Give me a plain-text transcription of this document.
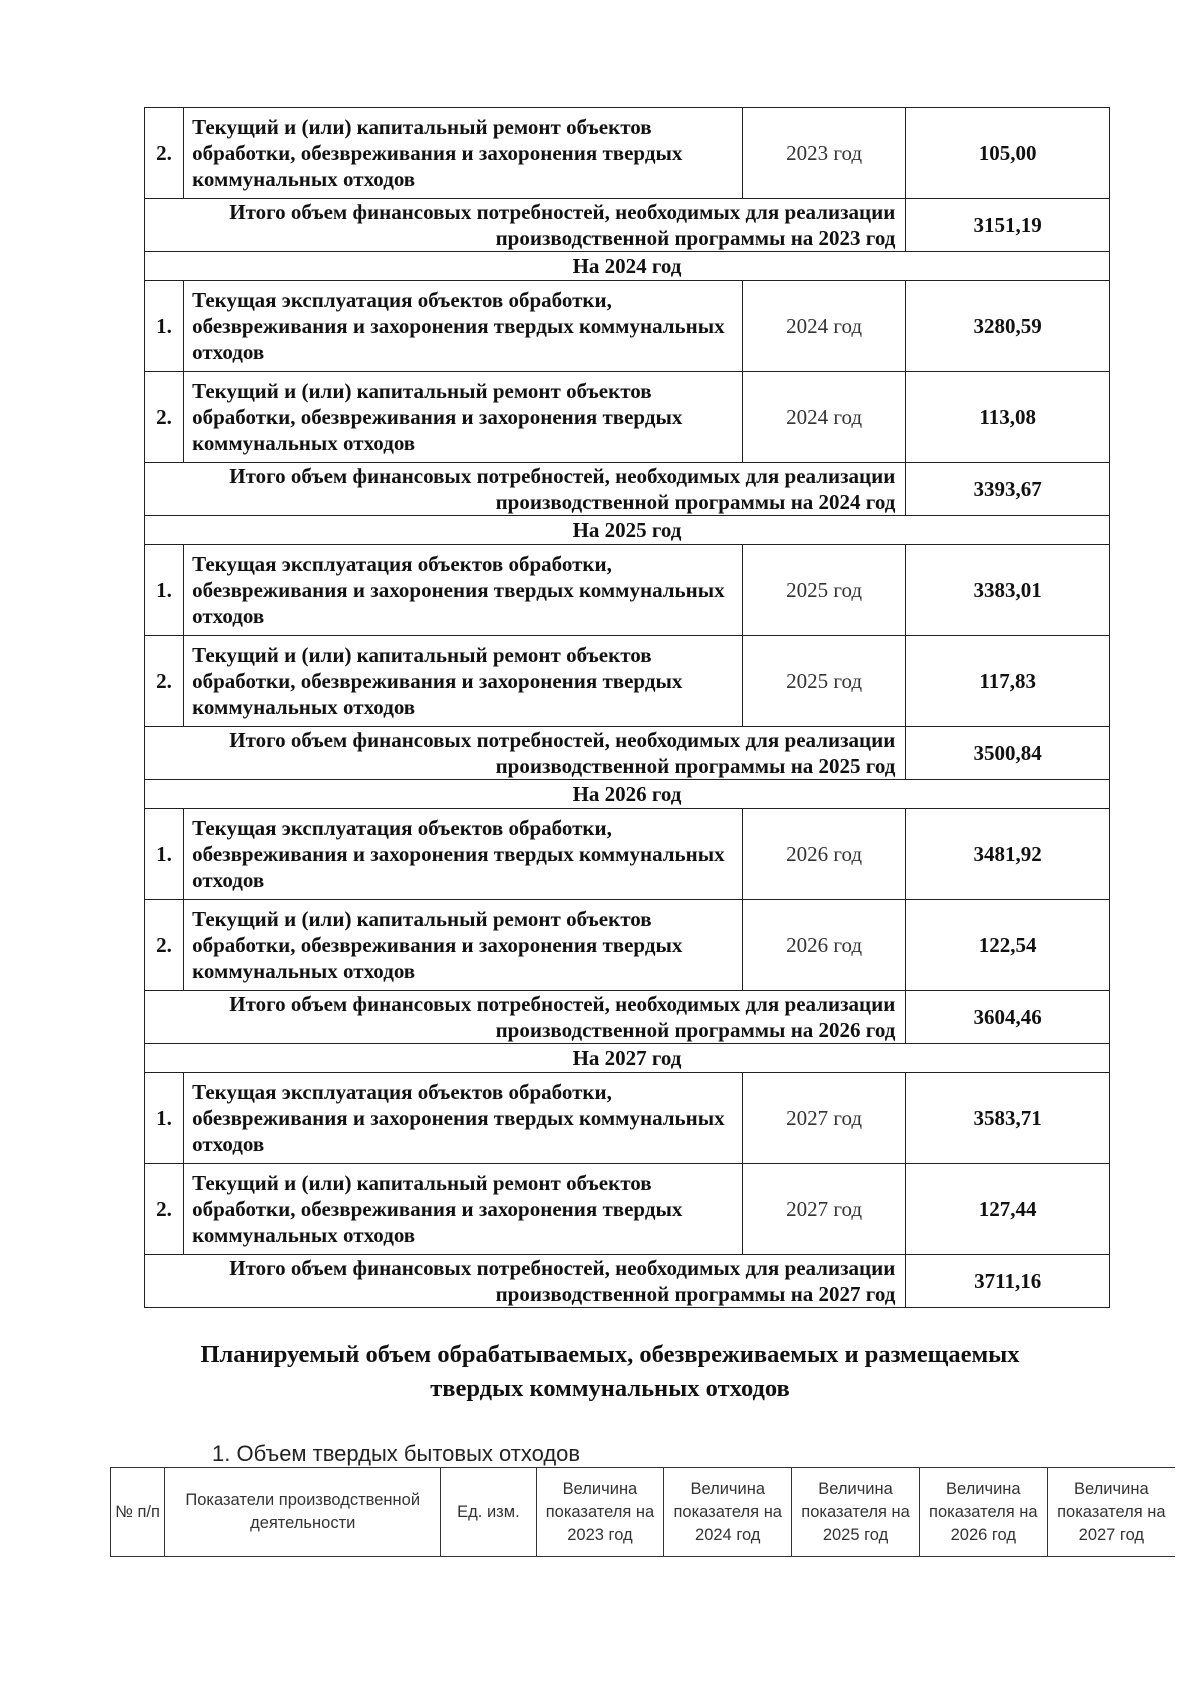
2.	Текущий и (или) капитальный ремонт объектов обработки, обезвреживания и захоронения твердых коммунальных отходов	2023 год	105,00
Итого объем финансовых потребностей, необходимых для реализации производственной программы на 2023 год			3151,19
На 2024 год			
1.	Текущая эксплуатация объектов обработки, обезвреживания и захоронения твердых коммунальных отходов	2024 год	3280,59
2.	Текущий и (или) капитальный ремонт объектов обработки, обезвреживания и захоронения твердых коммунальных отходов	2024 год	113,08
Итого объем финансовых потребностей, необходимых для реализации производственной программы на 2024 год			3393,67
На 2025 год			
1.	Текущая эксплуатация объектов обработки, обезвреживания и захоронения твердых коммунальных отходов	2025 год	3383,01
2.	Текущий и (или) капитальный ремонт объектов обработки, обезвреживания и захоронения твердых коммунальных отходов	2025 год	117,83
Итого объем финансовых потребностей, необходимых для реализации производственной программы на 2025 год			3500,84
На 2026 год			
1.	Текущая эксплуатация объектов обработки, обезвреживания и захоронения твердых коммунальных отходов	2026 год	3481,92
2.	Текущий и (или) капитальный ремонт объектов обработки, обезвреживания и захоронения твердых коммунальных отходов	2026 год	122,54
Итого объем финансовых потребностей, необходимых для реализации производственной программы на 2026 год			3604,46
На 2027 год			
1.	Текущая эксплуатация объектов обработки, обезвреживания и захоронения твердых коммунальных отходов	2027 год	3583,71
2.	Текущий и (или) капитальный ремонт объектов обработки, обезвреживания и захоронения твердых коммунальных отходов	2027 год	127,44
Итого объем финансовых потребностей, необходимых для реализации производственной программы на 2027 год			3711,16
Планируемый объем обрабатываемых, обезвреживаемых и размещаемых твердых коммунальных отходов
1. Объем твердых бытовых отходов
№ п/п	Показатели производственной деятельности	Ед. изм.	Величина показателя на 2023 год	Величина показателя на 2024 год	Величина показателя на 2025 год	Величина показателя на 2026 год	Величина показателя на 2027 год
